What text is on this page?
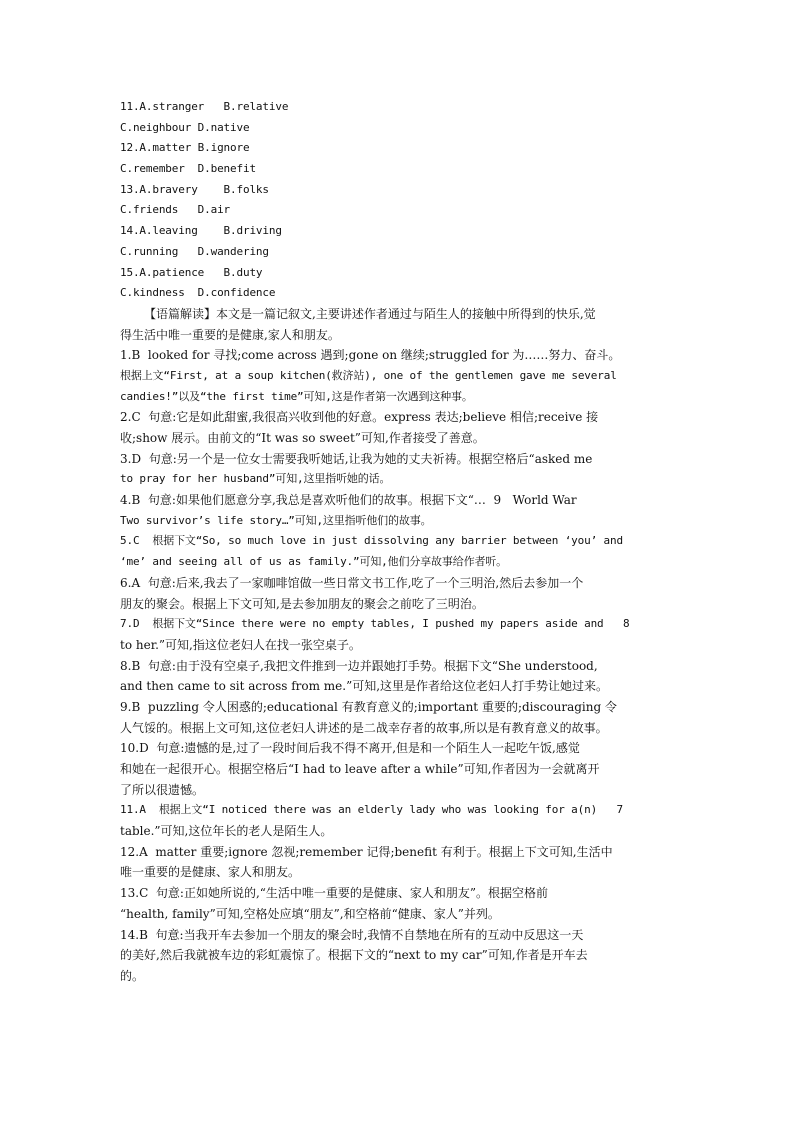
11.A.stranger   B.relative
C.neighbour D.native
12.A.matter B.ignore
C.remember  D.benefit
13.A.bravery    B.folks
C.friends   D.air
14.A.leaving    B.driving
C.running   D.wandering
15.A.patience   B.duty
C.kindness  D.confidence
【语篇解读】本文是一篇记叙文,主要讲述作者通过与陌生人的接触中所得到的快乐,觉
得生活中唯一重要的是健康,家人和朋友。
1.B  looked for 寻找;come across 遇到;gone on 继续;struggled for 为……努力、奋斗。
根据上文“First, at a soup kitchen(救济站), one of the gentlemen gave me several
candies!”以及“the first time”可知,这是作者第一次遇到这种事。
2.C  句意:它是如此甜蜜,我很高兴收到他的好意。express 表达;believe 相信;receive 接
收;show 展示。由前文的“It was so sweet”可知,作者接受了善意。
3.D  句意:另一个是一位女士需要我听她话,让我为她的丈夫祈祷。根据空格后“asked me
to pray for her husband”可知,这里指听她的话。
4.B  句意:如果他们愿意分享,我总是喜欢听他们的故事。根据下文“…  9   World War
Two survivor’s life story…”可知,这里指听他们的故事。
5.C  根据下文“So, so much love in just dissolving any barrier between ‘you’ and
‘me’ and seeing all of us as family.”可知,他们分享故事给作者听。
6.A  句意:后来,我去了一家咖啡馆做一些日常文书工作,吃了一个三明治,然后去参加一个
朋友的聚会。根据上下文可知,是去参加朋友的聚会之前吃了三明治。
7.D  根据下文“Since there were no empty tables, I pushed my papers aside and   8
to her.”可知,指这位老妇人在找一张空桌子。
8.B  句意:由于没有空桌子,我把文件推到一边并跟她打手势。根据下文“She understood,
and then came to sit across from me.”可知,这里是作者给这位老妇人打手势让她过来。
9.B  puzzling 令人困惑的;educational 有教育意义的;important 重要的;discouraging 令
人气馁的。根据上文可知,这位老妇人讲述的是二战幸存者的故事,所以是有教育意义的故事。
10.D  句意:遗憾的是,过了一段时间后我不得不离开,但是和一个陌生人一起吃午饭,感觉
和她在一起很开心。根据空格后“I had to leave after a while”可知,作者因为一会就离开
了所以很遗憾。
11.A  根据上文“I noticed there was an elderly lady who was looking for a(n)   7
table.”可知,这位年长的老人是陌生人。
12.A  matter 重要;ignore 忽视;remember 记得;benefit 有利于。根据上下文可知,生活中
唯一重要的是健康、家人和朋友。
13.C  句意:正如她所说的,“生活中唯一重要的是健康、家人和朋友”。根据空格前
“health, family”可知,空格处应填“朋友”,和空格前“健康、家人”并列。
14.B  句意:当我开车去参加一个朋友的聚会时,我情不自禁地在所有的互动中反思这一天
的美好,然后我就被车边的彩虹震惊了。根据下文的“next to my car”可知,作者是开车去
的。
